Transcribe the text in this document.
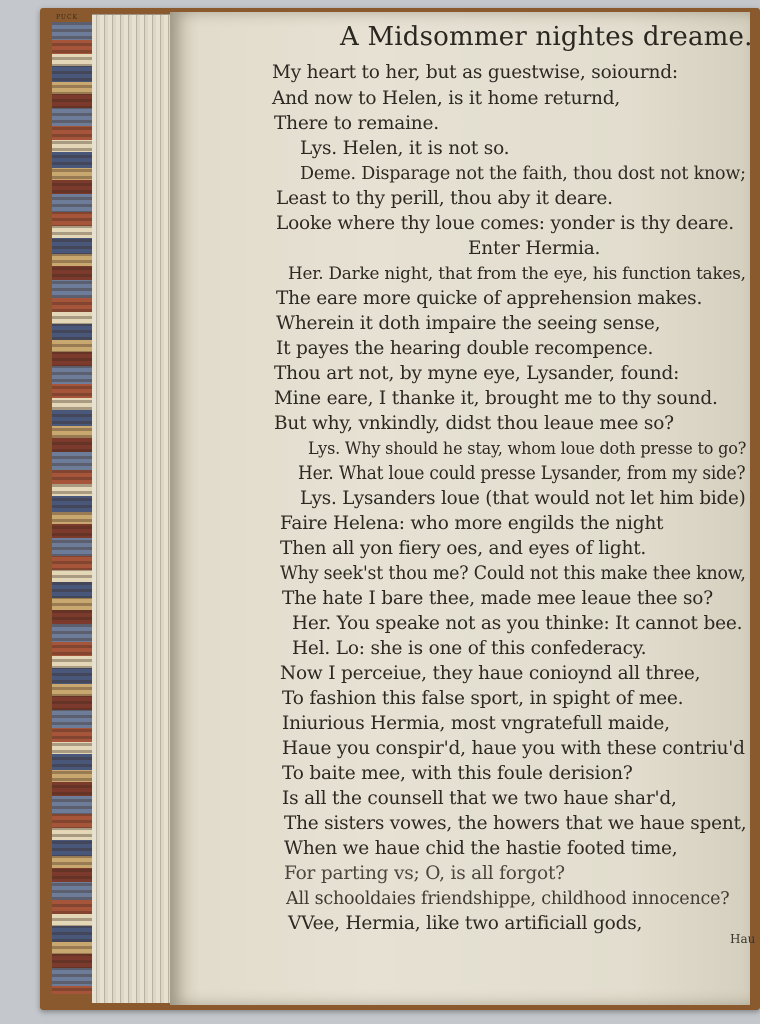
PUCK
A Midsommer nightes dreame.
My heart to her, but as guestwise, soiournd:
And now to Helen, is it home returnd,
There to remaine.
Lys. Helen, it is not so.
Deme. Disparage not the faith, thou dost not know;
Least to thy perill, thou aby it deare.
Looke where thy loue comes: yonder is thy deare.
Enter Hermia.
Her. Darke night, that from the eye, his function takes,
The eare more quicke of apprehension makes.
Wherein it doth impaire the seeing sense,
It payes the hearing double recompence.
Thou art not, by myne eye, Lysander, found:
Mine eare, I thanke it, brought me to thy sound.
But why, vnkindly, didst thou leaue mee so?
Lys. Why should he stay, whom loue doth presse to go?
Her. What loue could presse Lysander, from my side?
Lys. Lysanders loue (that would not let him bide)
Faire Helena: who more engilds the night
Then all yon fiery oes, and eyes of light.
Why seek'st thou me? Could not this make thee know,
The hate I bare thee, made mee leaue thee so?
Her. You speake not as you thinke: It cannot bee.
Hel. Lo: she is one of this confederacy.
Now I perceiue, they haue conioynd all three,
To fashion this false sport, in spight of mee.
Iniurious Hermia, most vngratefull maide,
Haue you conspir'd, haue you with these contriu'd
To baite mee, with this foule derision?
Is all the counsell that we two haue shar'd,
The sisters vowes, the howers that we haue spent,
When we haue chid the hastie footed time,
For parting vs; O, is all forgot?
All schooldaies friendshippe, childhood innocence?
VVee, Hermia, like two artificiall gods,
Hau
